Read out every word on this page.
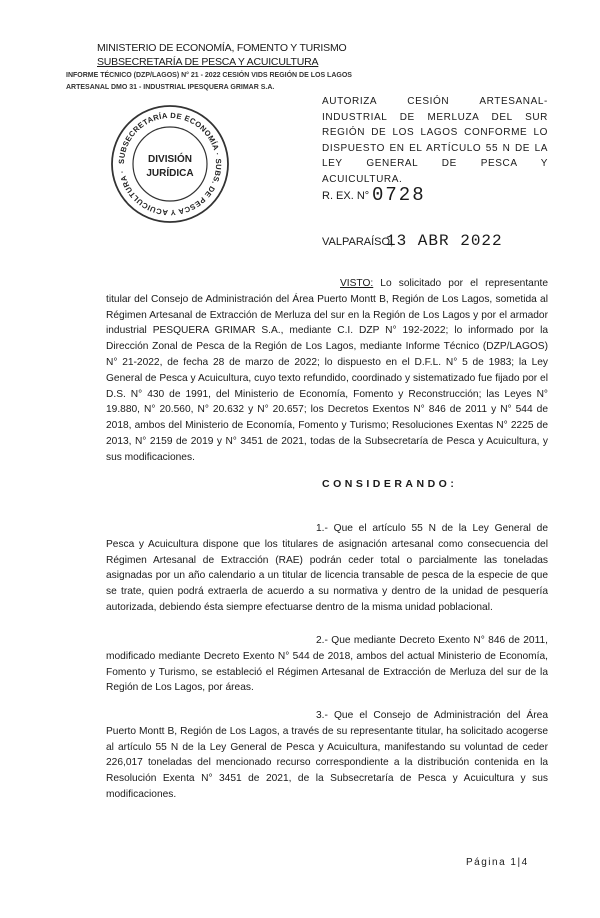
MINISTERIO DE ECONOMÍA, FOMENTO Y TURISMO
SUBSECRETARÍA DE PESCA Y ACUICULTURA
INFORME TÉCNICO (DZP/LAGOS) N° 21 - 2022 CESIÓN VIDS REGIÓN DE LOS LAGOS
ARTESANAL DMO 31 - INDUSTRIAL IPESQUERA GRIMAR S.A.
SUBSECRETARÍA DE ECONOMÍA · SUBS. DE PESCA Y ACUICULTURA ·
DIVISIÓN
JURÍDICA
AUTORIZA CESIÓN ARTESANAL-INDUSTRIAL DE MERLUZA DEL SUR REGIÓN DE LOS LAGOS CONFORME LO DISPUESTO EN EL ARTÍCULO 55 N DE LA LEY GENERAL DE PESCA Y ACUICULTURA.
R. EX. N° 0728
VALPARAÍSO,
13 ABR 2022
VISTO: Lo solicitado por el representante titular del Consejo de Administración del Área Puerto Montt B, Región de Los Lagos, sometida al Régimen Artesanal de Extracción de Merluza del sur en la Región de Los Lagos y por el armador industrial PESQUERA GRIMAR S.A., mediante C.I. DZP N° 192-2022; lo informado por la Dirección Zonal de Pesca de la Región de Los Lagos, mediante Informe Técnico (DZP/LAGOS) N° 21-2022, de fecha 28 de marzo de 2022; lo dispuesto en el D.F.L. N° 5 de 1983; la Ley General de Pesca y Acuicultura, cuyo texto refundido, coordinado y sistematizado fue fijado por el D.S. N° 430 de 1991, del Ministerio de Economía, Fomento y Reconstrucción; las Leyes N° 19.880, N° 20.560, N° 20.632 y N° 20.657; los Decretos Exentos N° 846 de 2011 y N° 544 de 2018, ambos del Ministerio de Economía, Fomento y Turismo; Resoluciones Exentas N° 2225 de 2013, N° 2159 de 2019 y N° 3451 de 2021, todas de la Subsecretaría de Pesca y Acuicultura, y sus modificaciones.
CONSIDERANDO:
1.- Que el artículo 55 N de la Ley General de Pesca y Acuicultura dispone que los titulares de asignación artesanal como consecuencia del Régimen Artesanal de Extracción (RAE) podrán ceder total o parcialmente las toneladas asignadas por un año calendario a un titular de licencia transable de pesca de la especie de que se trate, quien podrá extraerla de acuerdo a su normativa y dentro de la unidad de pesquería autorizada, debiendo ésta siempre efectuarse dentro de la misma unidad poblacional.
2.- Que mediante Decreto Exento N° 846 de 2011, modificado mediante Decreto Exento N° 544 de 2018, ambos del actual Ministerio de Economía, Fomento y Turismo, se estableció el Régimen Artesanal de Extracción de Merluza del sur de la Región de Los Lagos, por áreas.
3.- Que el Consejo de Administración del Área Puerto Montt B, Región de Los Lagos, a través de su representante titular, ha solicitado acogerse al artículo 55 N de la Ley General de Pesca y Acuicultura, manifestando su voluntad de ceder 226,017 toneladas del mencionado recurso correspondiente a la distribución contenida en la Resolución Exenta N° 3451 de 2021, de la Subsecretaría de Pesca y Acuicultura y sus modificaciones.
Página 1|4
